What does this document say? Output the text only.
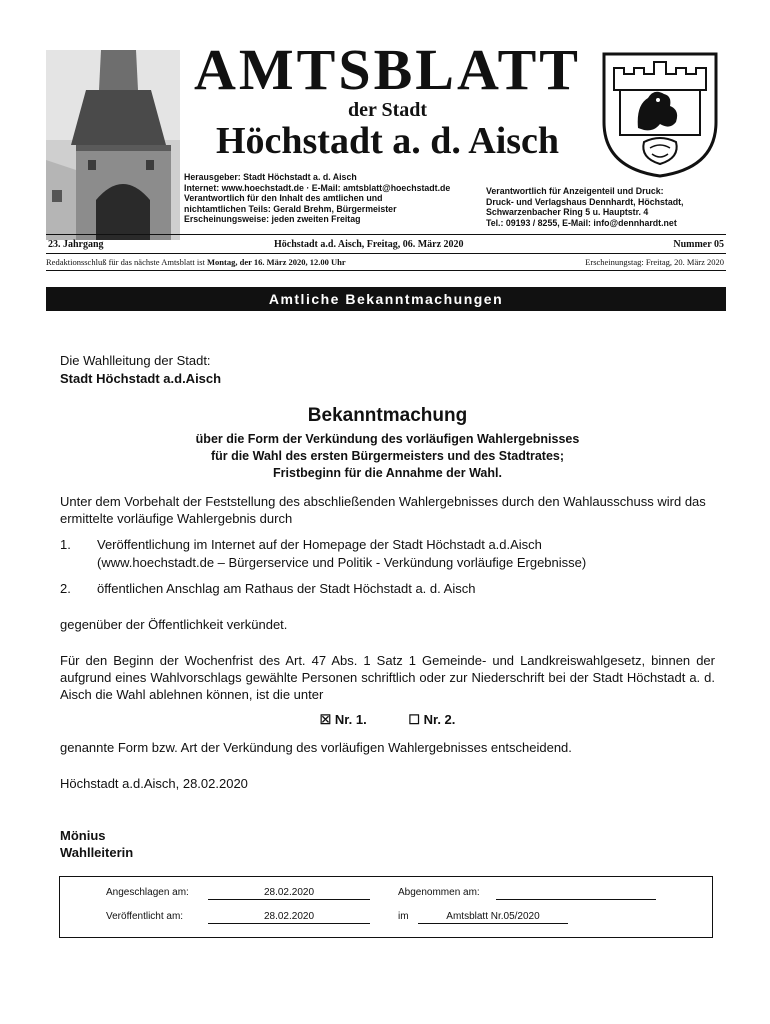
AMTSBLATT
der Stadt
Höchstadt a. d. Aisch
Herausgeber: Stadt Höchstadt a. d. Aisch
Internet: www.hoechstadt.de · E-Mail: amtsblatt@hoechstadt.de
Verantwortlich für den Inhalt des amtlichen und
nichtamtlichen Teils: Gerald Brehm, Bürgermeister
Erscheinungsweise: jeden zweiten Freitag
Verantwortlich für Anzeigenteil und Druck:
Druck- und Verlagshaus Dennhardt, Höchstadt,
Schwarzenbacher Ring 5 u. Hauptstr. 4
Tel.: 09193 / 8255, E-Mail: info@dennhardt.net
23. Jahrgang	Höchstadt a.d. Aisch, Freitag, 06. März 2020	Nummer 05
Redaktionsschluß für das nächste Amtsblatt ist Montag, der 16. März 2020, 12.00 Uhr	Erscheinungstag: Freitag, 20. März 2020
Amtliche Bekanntmachungen
Die Wahlleitung der Stadt:
Stadt Höchstadt a.d.Aisch
Bekanntmachung
über die Form der Verkündung des vorläufigen Wahlergebnisses
für die Wahl des ersten Bürgermeisters und des Stadtrates;
Fristbeginn für die Annahme der Wahl.
Unter dem Vorbehalt der Feststellung des abschließenden Wahlergebnisses durch den Wahlausschuss wird das ermittelte vorläufige Wahlergebnis durch
1.	Veröffentlichung im Internet auf der Homepage der Stadt Höchstadt a.d.Aisch
(www.hoechstadt.de – Bürgerservice und Politik - Verkündung vorläufige Ergebnisse)
2.	öffentlichen Anschlag am Rathaus der Stadt Höchstadt a. d. Aisch
gegenüber der Öffentlichkeit verkündet.
Für den Beginn der Wochenfrist des Art. 47 Abs. 1 Satz 1 Gemeinde- und Landkreiswahlgesetz, binnen der aufgrund eines Wahlvorschlags gewählte Personen schriftlich oder zur Niederschrift bei der Stadt Höchstadt a. d. Aisch die Wahl ablehnen können, ist die unter
☒ Nr. 1.	☐ Nr. 2.
genannte Form bzw. Art der Verkündung des vorläufigen Wahlergebnisses entscheidend.
Höchstadt a.d.Aisch, 28.02.2020
Mönius
Wahlleiterin
Angeschlagen am:	28.02.2020	Abgenommen am:
Veröffentlicht am:	28.02.2020	im	Amtsblatt Nr.05/2020
